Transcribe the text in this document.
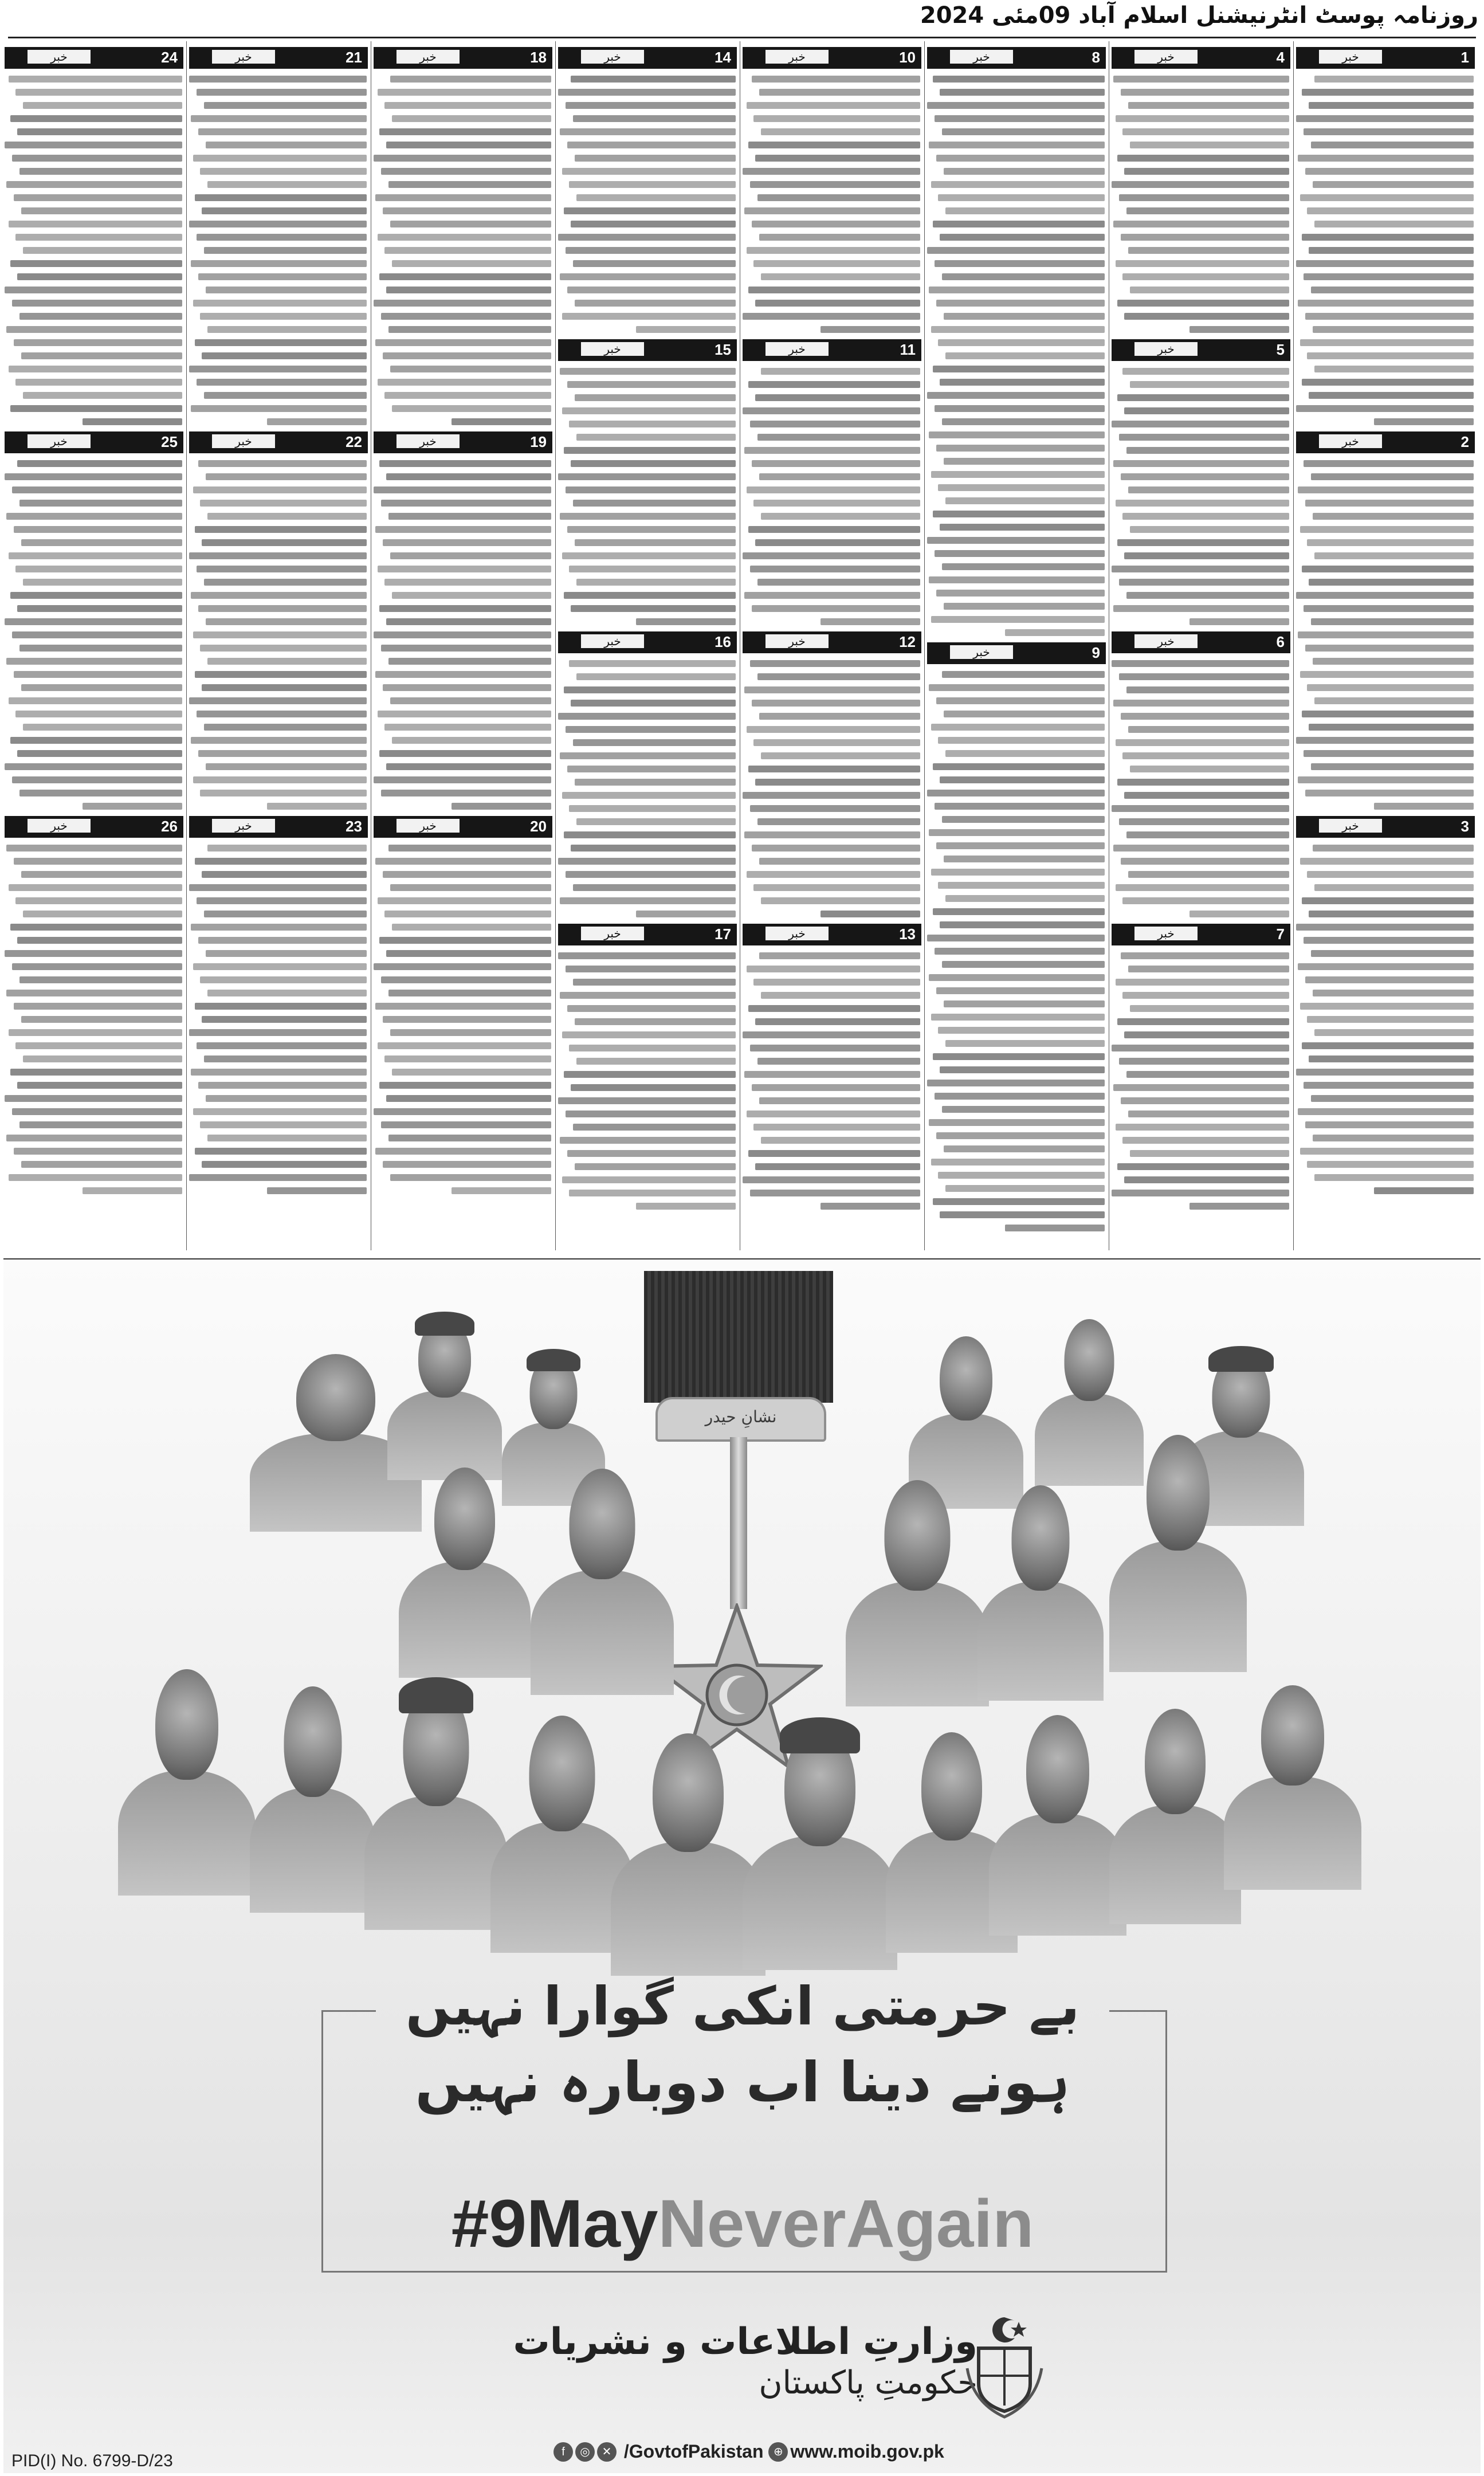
روزنامہ پوسٹ انٹرنیشنل اسلام آباد 09مئی 2024
1
خبر
2
خبر
3
خبر
4
خبر
5
خبر
6
خبر
7
خبر
8
خبر
9
خبر
10
خبر
11
خبر
12
خبر
13
خبر
14
خبر
15
خبر
16
خبر
17
خبر
18
خبر
19
خبر
20
خبر
21
خبر
22
خبر
23
خبر
24
خبر
25
خبر
26
خبر
نشانِ حیدر
بے حرمتی انکی گوارا نہیں
ہونے دینا اب دوبارہ نہیں
#9MayNeverAgain
وزارتِ اطلاعات و نشریات
حکومتِ پاکستان
f ◎ ✕ /GovtofPakistan ⊕ www.moib.gov.pk
PID(I) No. 6799-D/23
